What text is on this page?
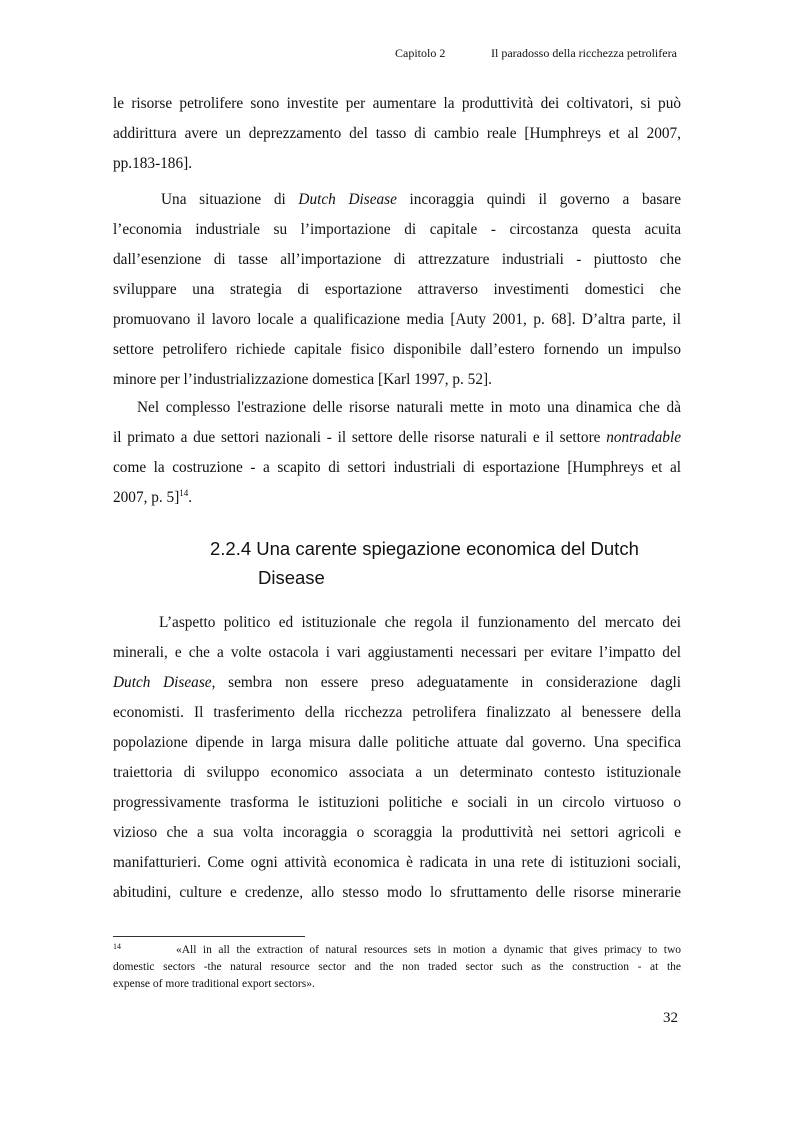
Capitolo 2	Il paradosso della ricchezza petrolifera
le risorse petrolifere sono investite per aumentare la produttività dei coltivatori, si può
addirittura avere un deprezzamento del tasso di cambio reale [Humphreys et al 2007,
pp.183-186].
Una situazione di Dutch Disease incoraggia quindi il governo a basare
l’economia industriale su l’importazione di capitale - circostanza questa acuita
dall’esenzione di tasse all’importazione di attrezzature industriali - piuttosto che
sviluppare una strategia di esportazione attraverso investimenti domestici che
promuovano il lavoro locale a qualificazione media [Auty 2001, p. 68]. D’altra parte, il
settore petrolifero richiede capitale fisico disponibile dall’estero fornendo un impulso
minore per l’industrializzazione domestica [Karl 1997, p. 52].
Nel complesso l'estrazione delle risorse naturali mette in moto una dinamica che dà
il primato a due settori nazionali - il settore delle risorse naturali e il settore nontradable
come la costruzione - a scapito di settori industriali di esportazione [Humphreys et al
2007, p. 5]$^{14}$.
2.2.4 Una carente spiegazione economica del Dutch
Disease
L’aspetto politico ed istituzionale che regola il funzionamento del mercato dei
minerali, e che a volte ostacola i vari aggiustamenti necessari per evitare l’impatto del
Dutch Disease, sembra non essere preso adeguatamente in considerazione dagli
economisti. Il trasferimento della ricchezza petrolifera finalizzato al benessere della
popolazione dipende in larga misura dalle politiche attuate dal governo. Una specifica
traiettoria di sviluppo economico associata a un determinato contesto istituzionale
progressivamente trasforma le istituzioni politiche e sociali in un circolo virtuoso o
vizioso che a sua volta incoraggia o scoraggia la produttività nei settori agricoli e
manifatturieri. Come ogni attività economica è radicata in una rete di istituzioni sociali,
abitudini, culture e credenze, allo stesso modo lo sfruttamento delle risorse minerarie
14	«All in all the extraction of natural resources sets in motion a dynamic that gives primacy to two
domestic sectors -the natural resource sector and the non traded sector such as the construction - at the
expense of more traditional export sectors».
32
